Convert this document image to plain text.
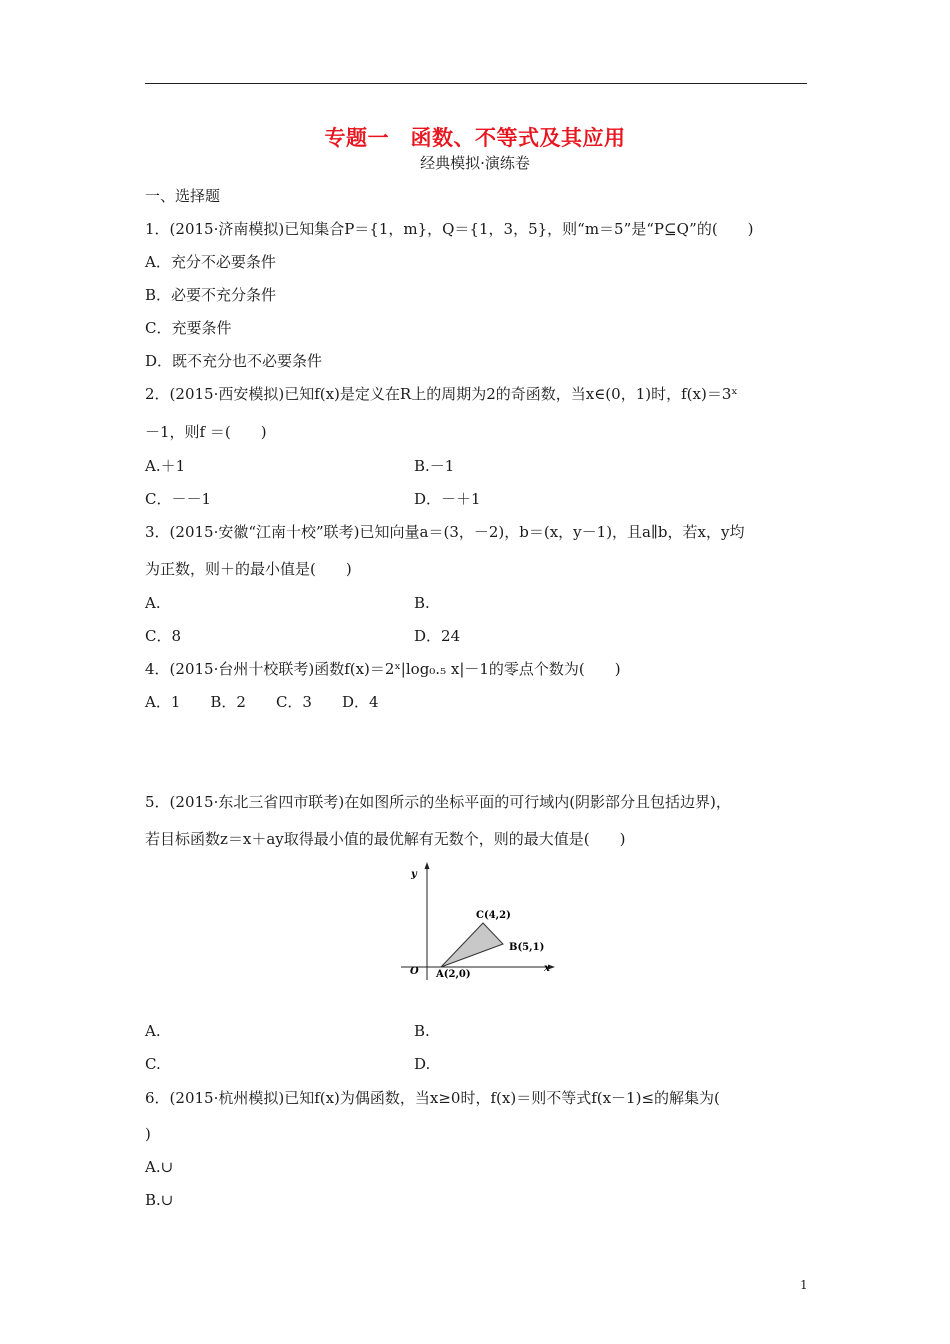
专题一　函数、不等式及其应用
经典模拟·演练卷
一、选择题
1．(2015·济南模拟)已知集合P＝{1，m}，Q＝{1，3，5}，则“m＝5”是“P⊆Q”的(　　)
A．充分不必要条件
B．必要不充分条件
C．充要条件
D．既不充分也不必要条件
2．(2015·西安模拟)已知f(x)是定义在R上的周期为2的奇函数，当x∈(0，1)时，f(x)＝3ˣ
－1，则f ＝(　　)
A.＋1	B.－1
C．－－1	D．－＋1
3．(2015·安徽“江南十校”联考)已知向量a＝(3，－2)，b＝(x，y－1)，且a∥b，若x，y均
为正数，则＋的最小值是(　　)
A.	B.
C．8	D．24
4．(2015·台州十校联考)函数f(x)＝2ˣ|log₀.₅ x|－1的零点个数为(　　)
A．1　　B．2　　C．3　　D．4
5．(2015·东北三省四市联考)在如图所示的坐标平面的可行域内(阴影部分且包括边界)，
若目标函数z＝x＋ay取得最小值的最优解有无数个，则的最大值是(　　)
y
x
O A(2,0)
B(5,1)
C(4,2)
A.	B.
C.	D.
6．(2015·杭州模拟)已知f(x)为偶函数，当x≥0时，f(x)＝则不等式f(x－1)≤的解集为(
)
A.∪
B.∪
1
